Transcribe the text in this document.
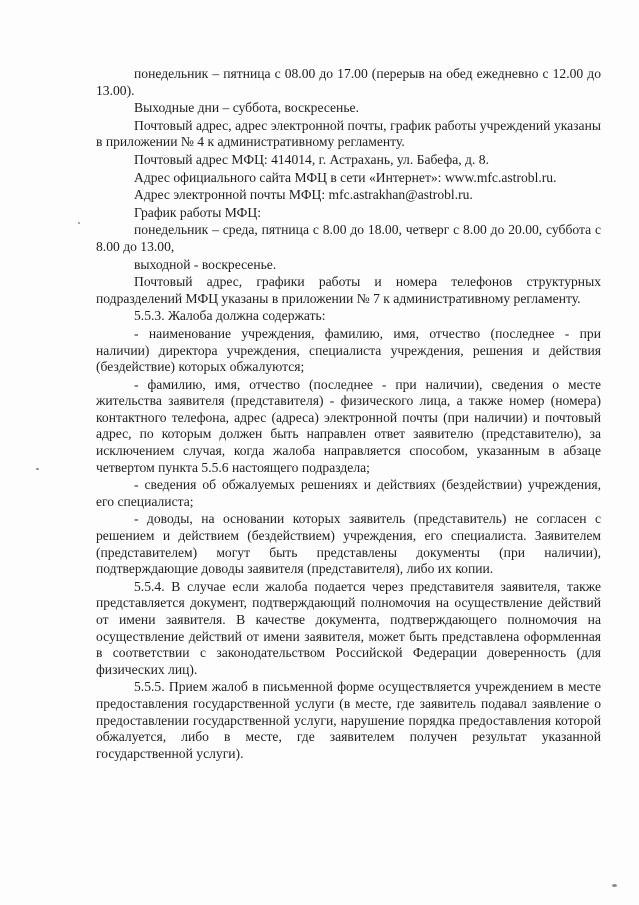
понедельник – пятница с 08.00 до 17.00 (перерыв на обед ежедневно с 12.00 до 13.00).

Выходные дни – суббота, воскресенье.

Почтовый адрес, адрес электронной почты, график работы учреждений указаны в приложении № 4 к административному регламенту.

Почтовый адрес МФЦ: 414014, г. Астрахань, ул. Бабефа, д. 8.

Адрес официального сайта МФЦ в сети «Интернет»: www.mfc.astrobl.ru.

Адрес электронной почты МФЦ: mfc.astrakhan@astrobl.ru.

График работы МФЦ:

понедельник – среда, пятница с 8.00 до 18.00, четверг с 8.00 до 20.00, суббота с 8.00 до 13.00,

выходной - воскресенье.

Почтовый адрес, графики работы и номера телефонов структурных подразделений МФЦ указаны в приложении № 7 к административному регламенту.

5.5.3. Жалоба должна содержать:

- наименование учреждения, фамилию, имя, отчество (последнее - при наличии) директора учреждения, специалиста учреждения, решения и действия (бездействие) которых обжалуются;

- фамилию, имя, отчество (последнее - при наличии), сведения о месте жительства заявителя (представителя) - физического лица, а также номер (номера) контактного телефона, адрес (адреса) электронной почты (при наличии) и почтовый адрес, по которым должен быть направлен ответ заявителю (представителю), за исключением случая, когда жалоба направляется способом, указанным в абзаце четвертом пункта 5.5.6 настоящего подраздела;

- сведения об обжалуемых решениях и действиях (бездействии) учреждения, его специалиста;

- доводы, на основании которых заявитель (представитель) не согласен с решением и действием (бездействием) учреждения, его специалиста. Заявителем (представителем) могут быть представлены документы (при наличии), подтверждающие доводы заявителя (представителя), либо их копии.

5.5.4. В случае если жалоба подается через представителя заявителя, также представляется документ, подтверждающий полномочия на осуществление действий от имени заявителя. В качестве документа, подтверждающего полномочия на осуществление действий от имени заявителя, может быть представлена оформленная в соответствии с законодательством Российской Федерации доверенность (для физических лиц).

5.5.5. Прием жалоб в письменной форме осуществляется учреждением в месте предоставления государственной услуги (в месте, где заявитель подавал заявление о предоставлении государственной услуги, нарушение порядка предоставления которой обжалуется, либо в месте, где заявителем получен результат указанной государственной услуги).
